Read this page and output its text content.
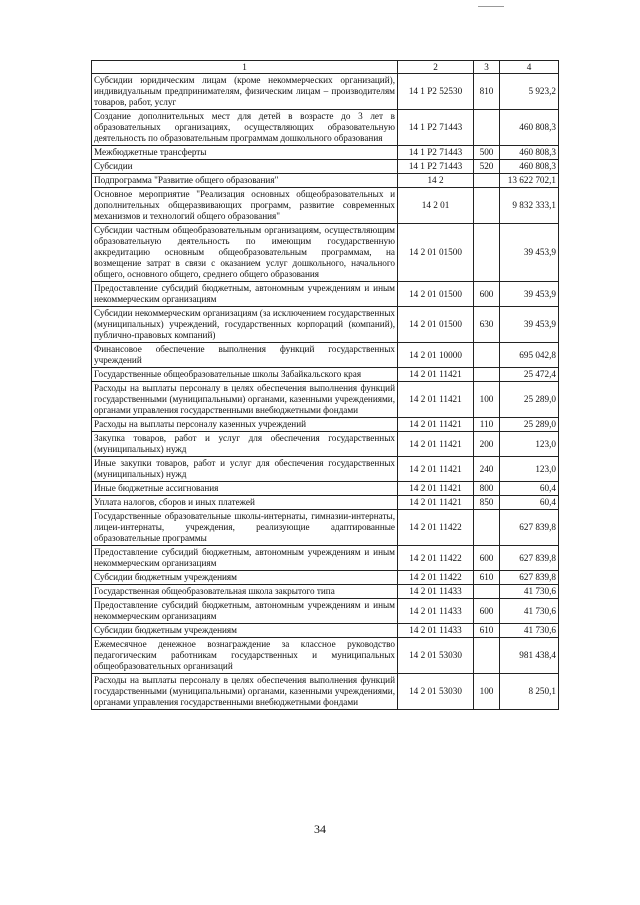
1	2	3	4
Субсидии юридическим лицам (кроме некоммерческих организаций), индивидуальным предпринимателям, физическим лицам – производителям товаров, работ, услуг	14 1 Р2 52530	810	5 923,2
Создание дополнительных мест для детей в возрасте до 3 лет в образовательных организациях, осуществляющих образовательную деятельность по образовательным программам дошкольного образования	14 1 Р2 71443		460 808,3
Межбюджетные трансферты	14 1 Р2 71443	500	460 808,3
Субсидии	14 1 Р2 71443	520	460 808,3
Подпрограмма "Развитие общего образования"	14 2		13 622 702,1
Основное мероприятие "Реализация основных общеобразовательных и дополнительных общеразвивающих программ, развитие современных механизмов и технологий общего образования"	14 2 01		9 832 333,1
Субсидии частным общеобразовательным организациям, осуществляющим образовательную деятельность по имеющим государственную аккредитацию основным общеобразовательным программам, на возмещение затрат в связи с оказанием услуг дошкольного, начального общего, основного общего, среднего общего образования	14 2 01 01500		39 453,9
Предоставление субсидий бюджетным, автономным учреждениям и иным некоммерческим организациям	14 2 01 01500	600	39 453,9
Субсидии некоммерческим организациям (за исключением государственных (муниципальных) учреждений, государственных корпораций (компаний), публично-правовых компаний)	14 2 01 01500	630	39 453,9
Финансовое обеспечение выполнения функций государственных учреждений	14 2 01 10000		695 042,8
Государственные общеобразовательные школы Забайкальского края	14 2 01 11421		25 472,4
Расходы на выплаты персоналу в целях обеспечения выполнения функций государственными (муниципальными) органами, казенными учреждениями, органами управления государственными внебюджетными фондами	14 2 01 11421	100	25 289,0
Расходы на выплаты персоналу казенных учреждений	14 2 01 11421	110	25 289,0
Закупка товаров, работ и услуг для обеспечения государственных (муниципальных) нужд	14 2 01 11421	200	123,0
Иные закупки товаров, работ и услуг для обеспечения государственных (муниципальных) нужд	14 2 01 11421	240	123,0
Иные бюджетные ассигнования	14 2 01 11421	800	60,4
Уплата налогов, сборов и иных платежей	14 2 01 11421	850	60,4
Государственные образовательные школы-интернаты, гимназии-интернаты, лицеи-интернаты, учреждения, реализующие адаптированные образовательные программы	14 2 01 11422		627 839,8
Предоставление субсидий бюджетным, автономным учреждениям и иным некоммерческим организациям	14 2 01 11422	600	627 839,8
Субсидии бюджетным учреждениям	14 2 01 11422	610	627 839,8
Государственная общеобразовательная школа закрытого типа	14 2 01 11433		41 730,6
Предоставление субсидий бюджетным, автономным учреждениям и иным некоммерческим организациям	14 2 01 11433	600	41 730,6
Субсидии бюджетным учреждениям	14 2 01 11433	610	41 730,6
Ежемесячное денежное вознаграждение за классное руководство педагогическим работникам государственных и муниципальных общеобразовательных организаций	14 2 01 53030		981 438,4
Расходы на выплаты персоналу в целях обеспечения выполнения функций государственными (муниципальными) органами, казенными учреждениями, органами управления государственными внебюджетными фондами	14 2 01 53030	100	8 250,1
34
